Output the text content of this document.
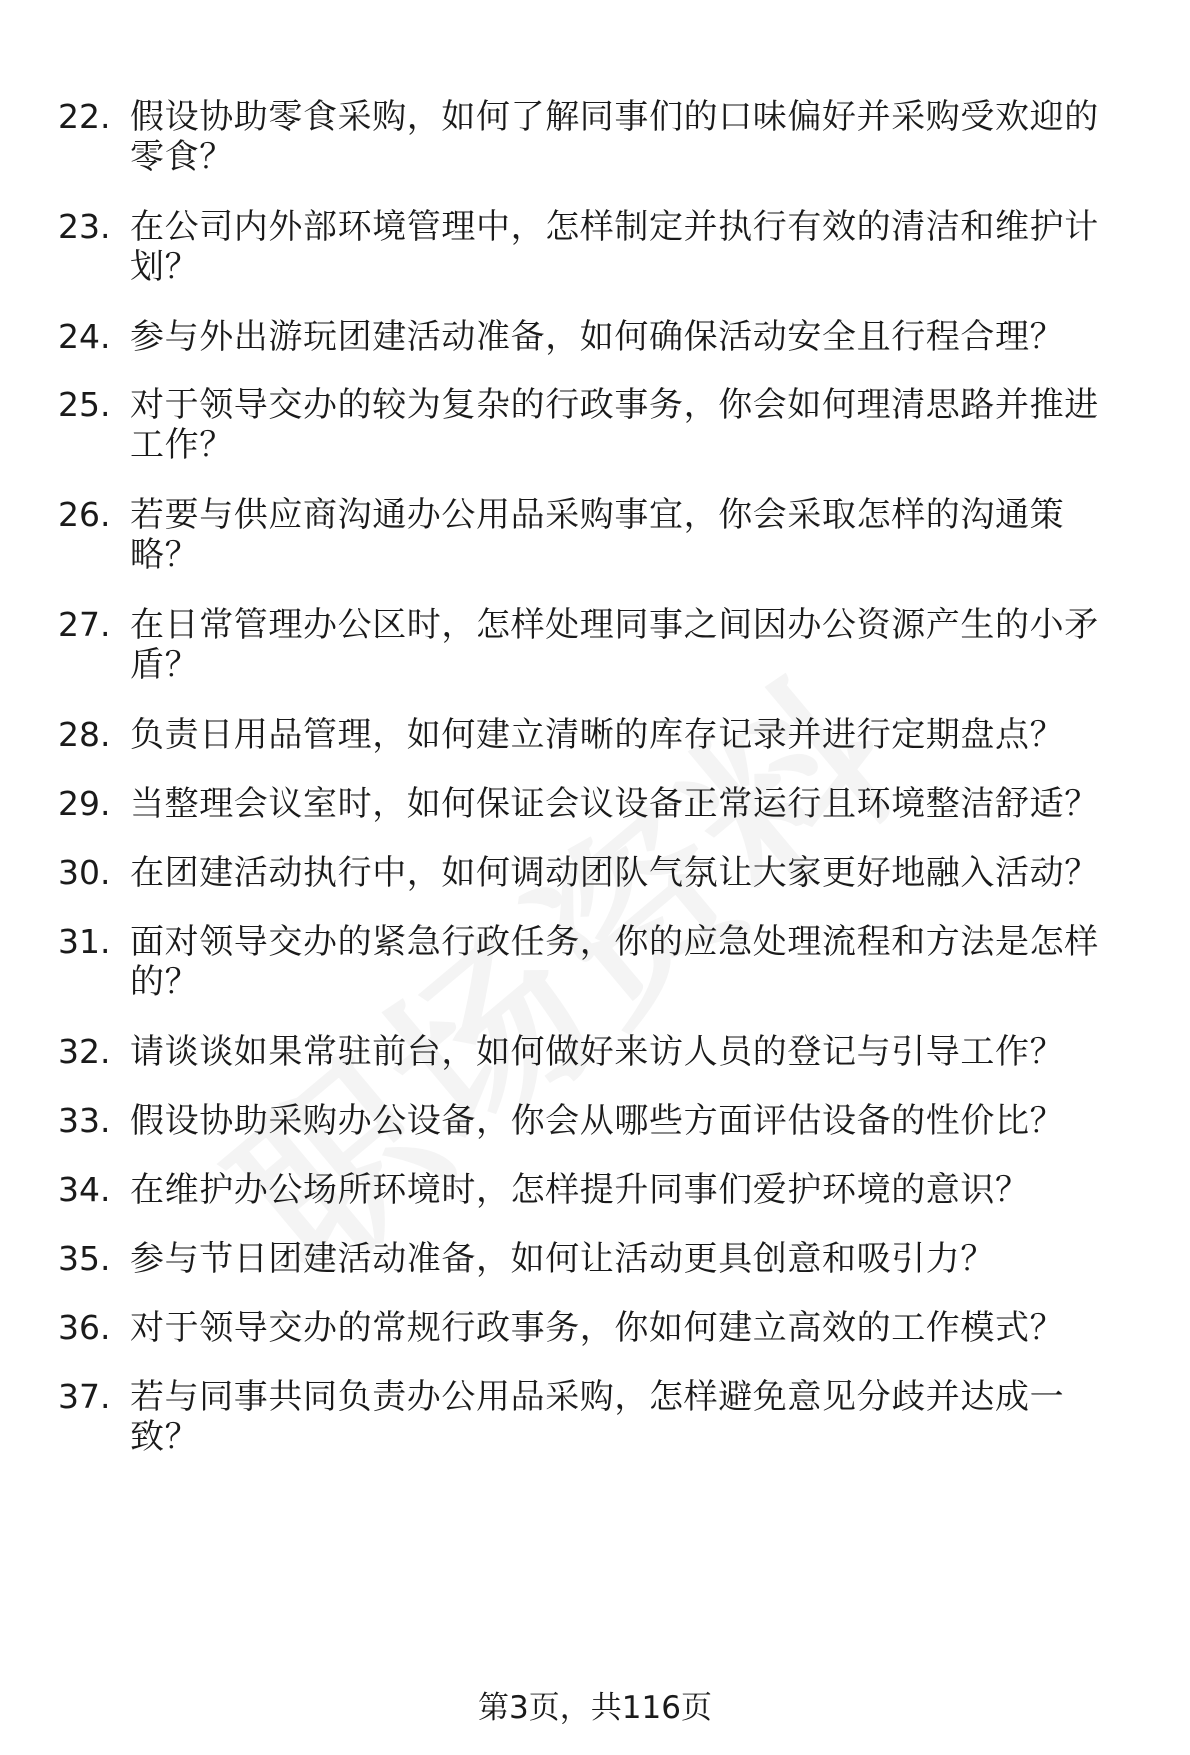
22. 假设协助零食采购，如何了解同事们的口味偏好并采购受欢迎的
零食？
23. 在公司内外部环境管理中，怎样制定并执行有效的清洁和维护计
划？
24. 参与外出游玩团建活动准备，如何确保活动安全且行程合理？
25. 对于领导交办的较为复杂的行政事务，你会如何理清思路并推进
工作？
26. 若要与供应商沟通办公用品采购事宜，你会采取怎样的沟通策
略？
27. 在日常管理办公区时，怎样处理同事之间因办公资源产生的小矛
盾？
28. 负责日用品管理，如何建立清晰的库存记录并进行定期盘点？
29. 当整理会议室时，如何保证会议设备正常运行且环境整洁舒适？
30. 在团建活动执行中，如何调动团队气氛让大家更好地融入活动？
31. 面对领导交办的紧急行政任务，你的应急处理流程和方法是怎样
的？
32. 请谈谈如果常驻前台，如何做好来访人员的登记与引导工作？
33. 假设协助采购办公设备，你会从哪些方面评估设备的性价比？
34. 在维护办公场所环境时，怎样提升同事们爱护环境的意识？
35. 参与节日团建活动准备，如何让活动更具创意和吸引力？
36. 对于领导交办的常规行政事务，你如何建立高效的工作模式？
37. 若与同事共同负责办公用品采购，怎样避免意见分歧并达成一
致？
第3页，共116页
